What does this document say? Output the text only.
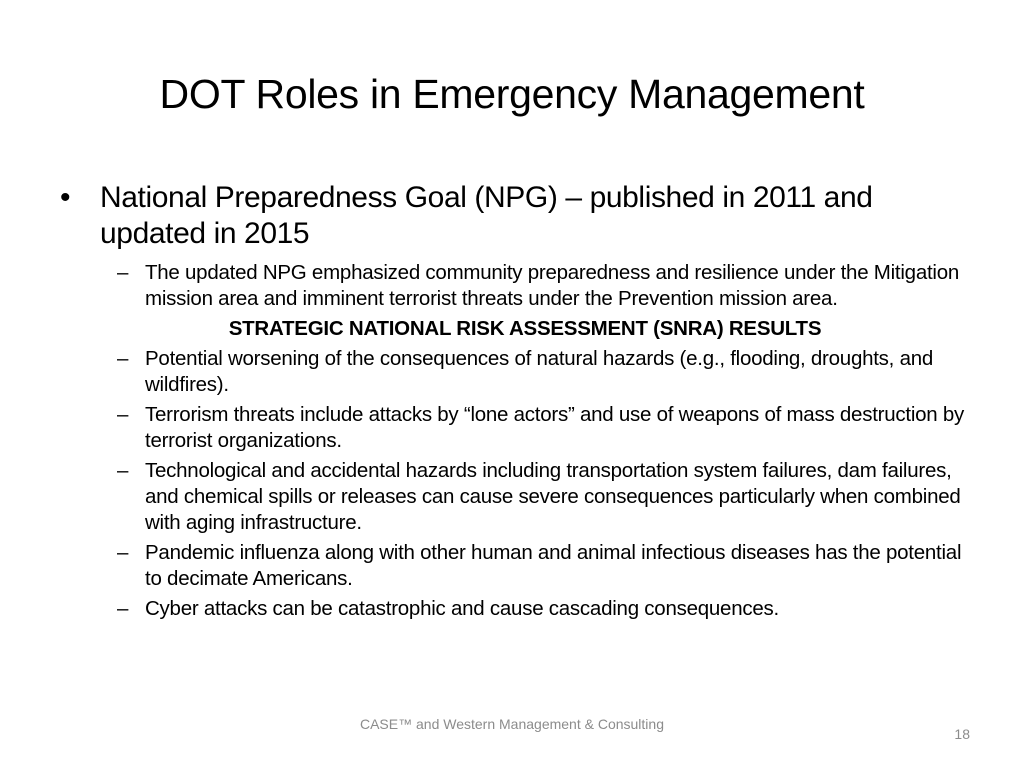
DOT Roles in Emergency Management
• National Preparedness Goal (NPG) – published in 2011 and updated in 2015
– The updated NPG emphasized community preparedness and resilience under the Mitigation mission area and imminent terrorist threats under the Prevention mission area.
STRATEGIC NATIONAL RISK ASSESSMENT (SNRA) RESULTS
– Potential worsening of the consequences of natural hazards (e.g., flooding, droughts, and wildfires).
– Terrorism threats include attacks by “lone actors” and use of weapons of mass destruction by terrorist organizations.
– Technological and accidental hazards including transportation system failures, dam failures, and chemical spills or releases can cause severe consequences particularly when combined with aging infrastructure.
– Pandemic influenza along with other human and animal infectious diseases has the potential to decimate Americans.
– Cyber attacks can be catastrophic and cause cascading consequences.
CASE™ and Western Management & Consulting
18
